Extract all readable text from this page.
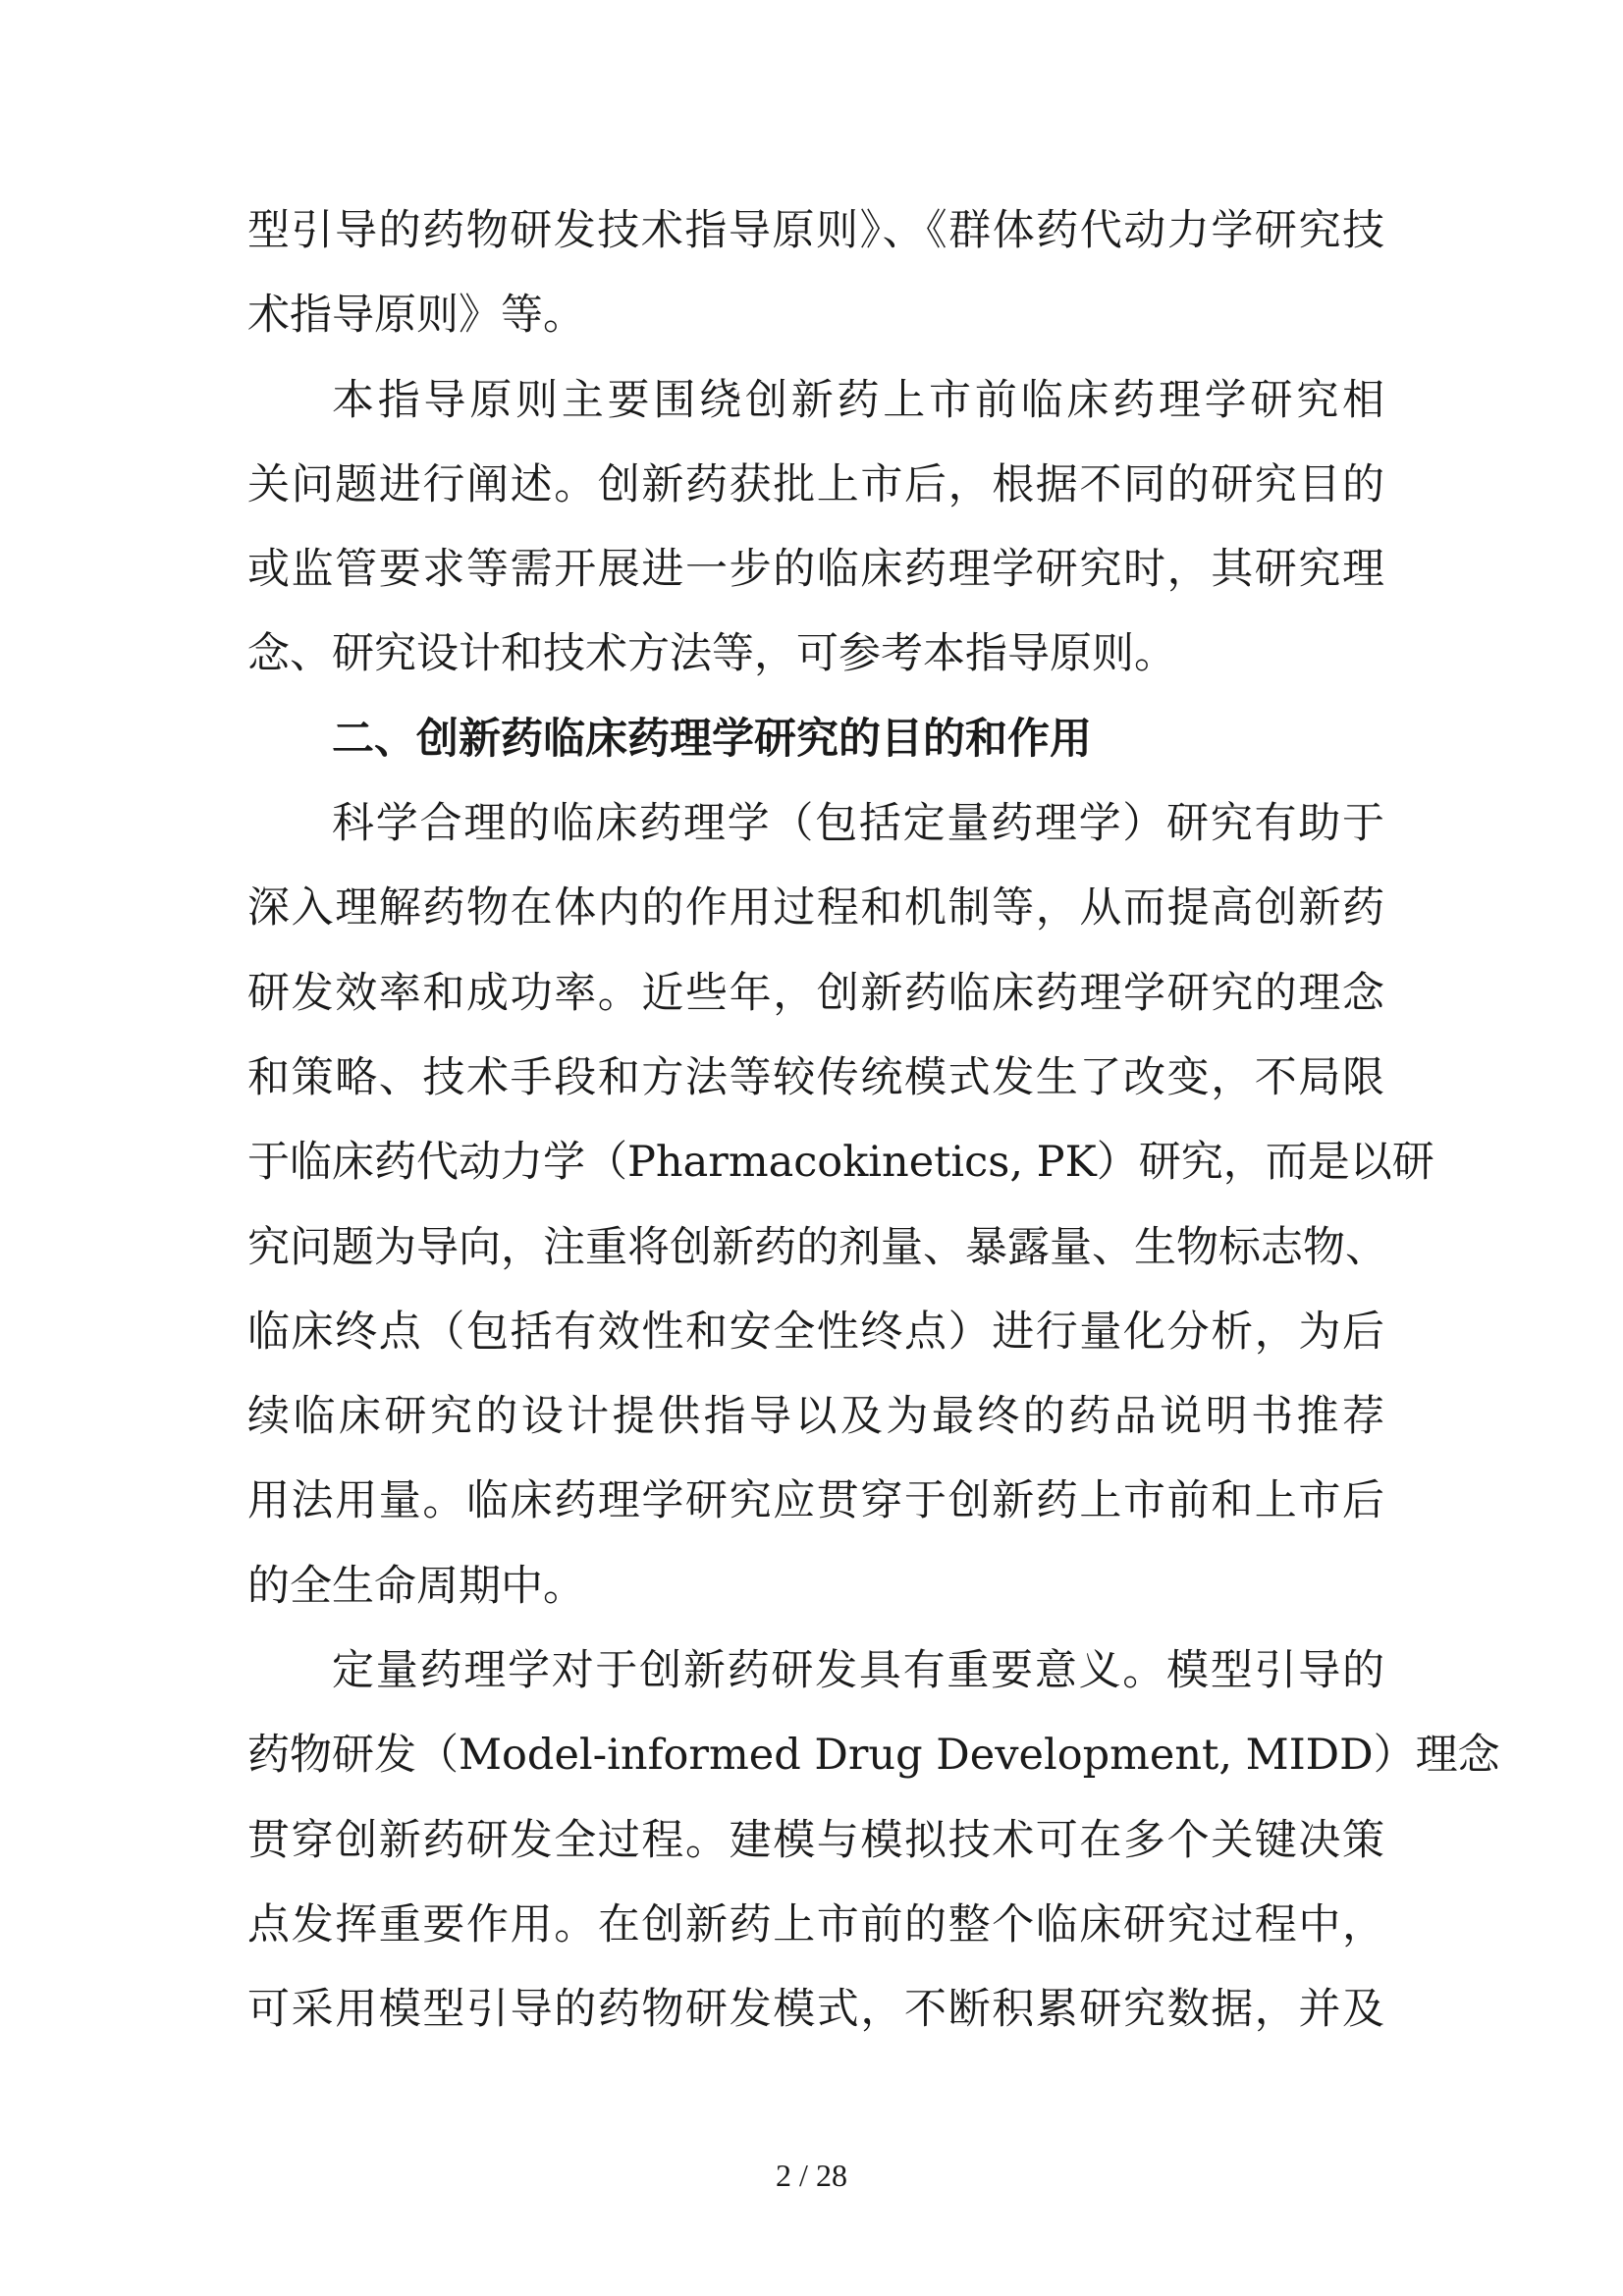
型引导的药物研发技术指导原则》、《群体药代动力学研究技
术指导原则》等。
本指导原则主要围绕创新药上市前临床药理学研究相
关问题进行阐述。创新药获批上市后，根据不同的研究目的
或监管要求等需开展进一步的临床药理学研究时，其研究理
念、研究设计和技术方法等，可参考本指导原则。
二、创新药临床药理学研究的目的和作用
科学合理的临床药理学（包括定量药理学）研究有助于
深入理解药物在体内的作用过程和机制等，从而提高创新药
研发效率和成功率。近些年，创新药临床药理学研究的理念
和策略、技术手段和方法等较传统模式发生了改变，不局限
于临床药代动力学（Pharmacokinetics, PK）研究，而是以研
究问题为导向，注重将创新药的剂量、暴露量、生物标志物、
临床终点（包括有效性和安全性终点）进行量化分析，为后
续临床研究的设计提供指导以及为最终的药品说明书推荐
用法用量。临床药理学研究应贯穿于创新药上市前和上市后
的全生命周期中。
定量药理学对于创新药研发具有重要意义。模型引导的
药物研发（Model-informed Drug Development, MIDD）理念
贯穿创新药研发全过程。建模与模拟技术可在多个关键决策
点发挥重要作用。在创新药上市前的整个临床研究过程中，
可采用模型引导的药物研发模式，不断积累研究数据，并及
2 / 28
